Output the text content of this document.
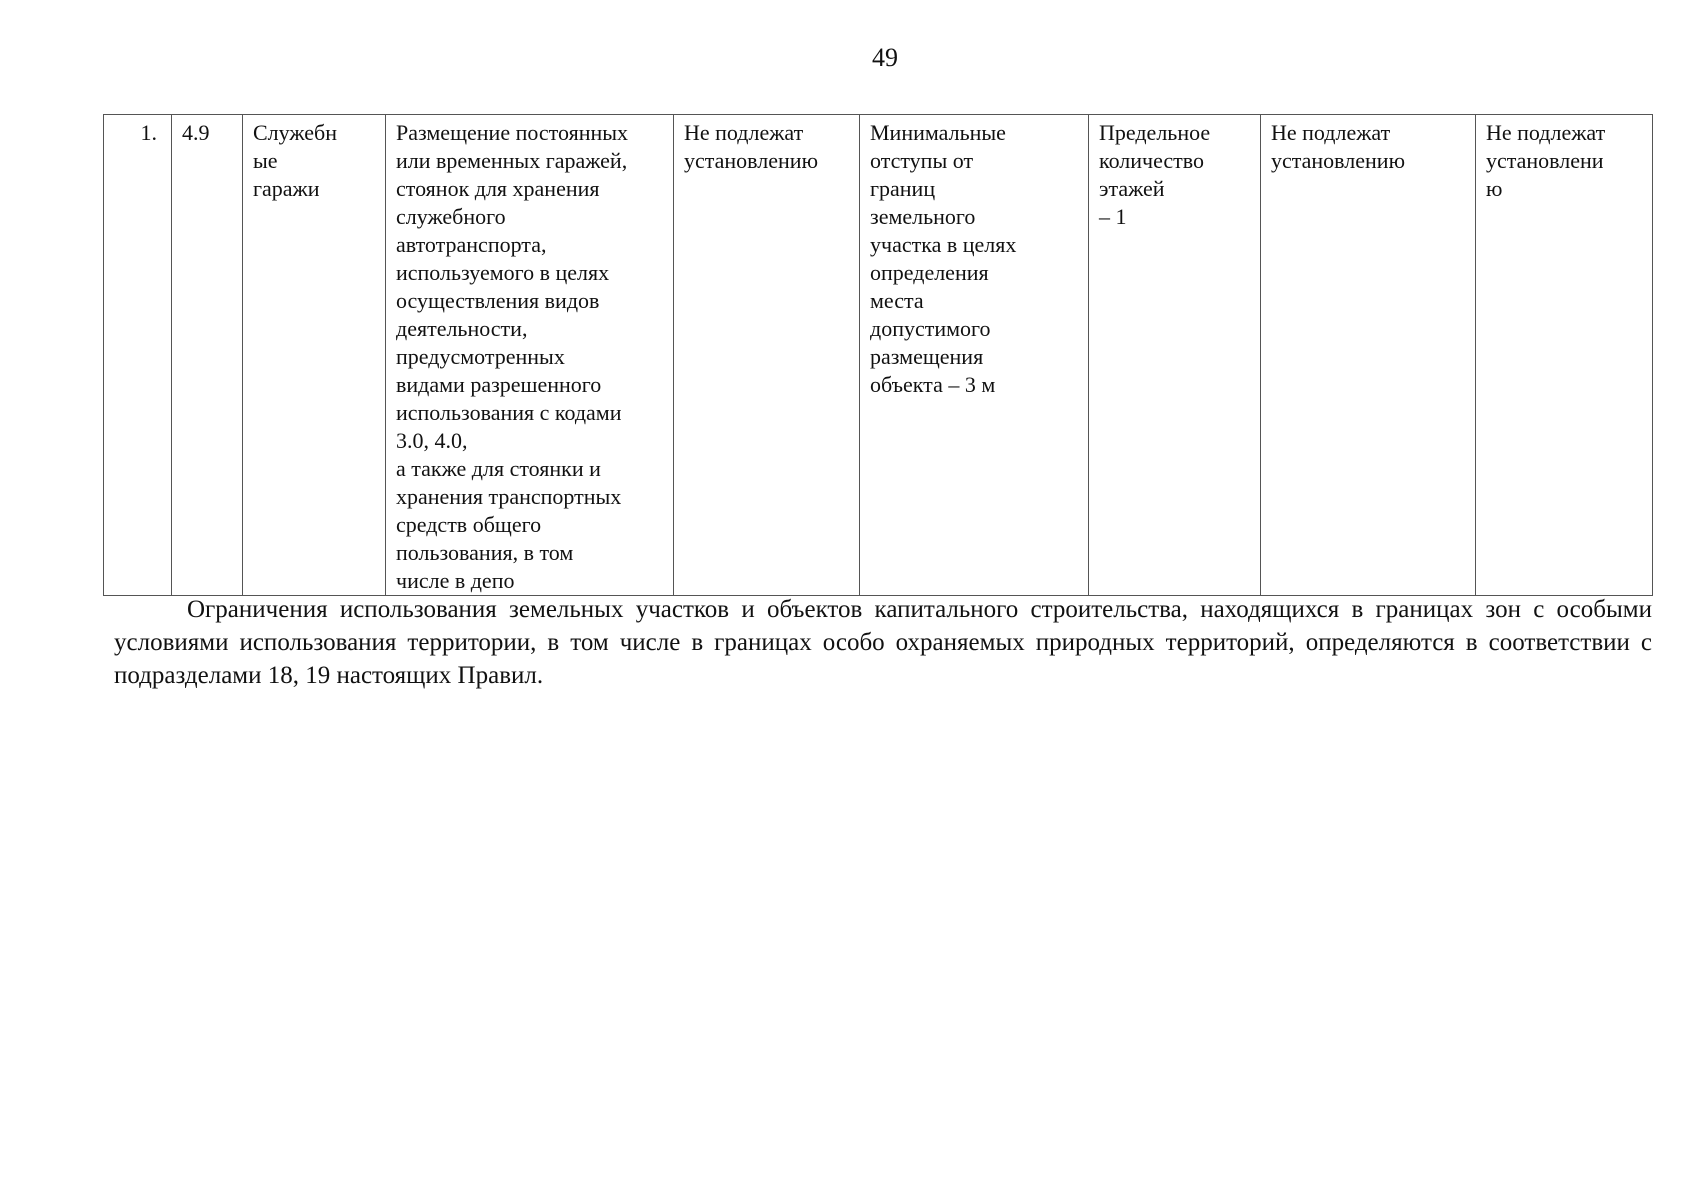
49
1.	4.9	Служебн
ые
гаражи	Размещение постоянных
или временных гаражей,
стоянок для хранения
служебного
автотранспорта,
используемого в целях
осуществления видов
деятельности,
предусмотренных
видами разрешенного
использования с кодами
3.0, 4.0,
а также для стоянки и
хранения транспортных
средств общего
пользования, в том
числе в депо	Не подлежат
установлению	Минимальные
отступы от
границ
земельного
участка в целях
определения
места
допустимого
размещения
объекта – 3 м	Предельное
количество
этажей
– 1	Не подлежат
установлению	Не подлежат
установлени
ю

Ограничения использования земельных участков и объектов капитального строительства, находящихся в границах зон с особыми условиями использования территории, в том числе в границах особо охраняемых природных территорий, определяются в соответствии с подразделами 18, 19 настоящих Правил.
